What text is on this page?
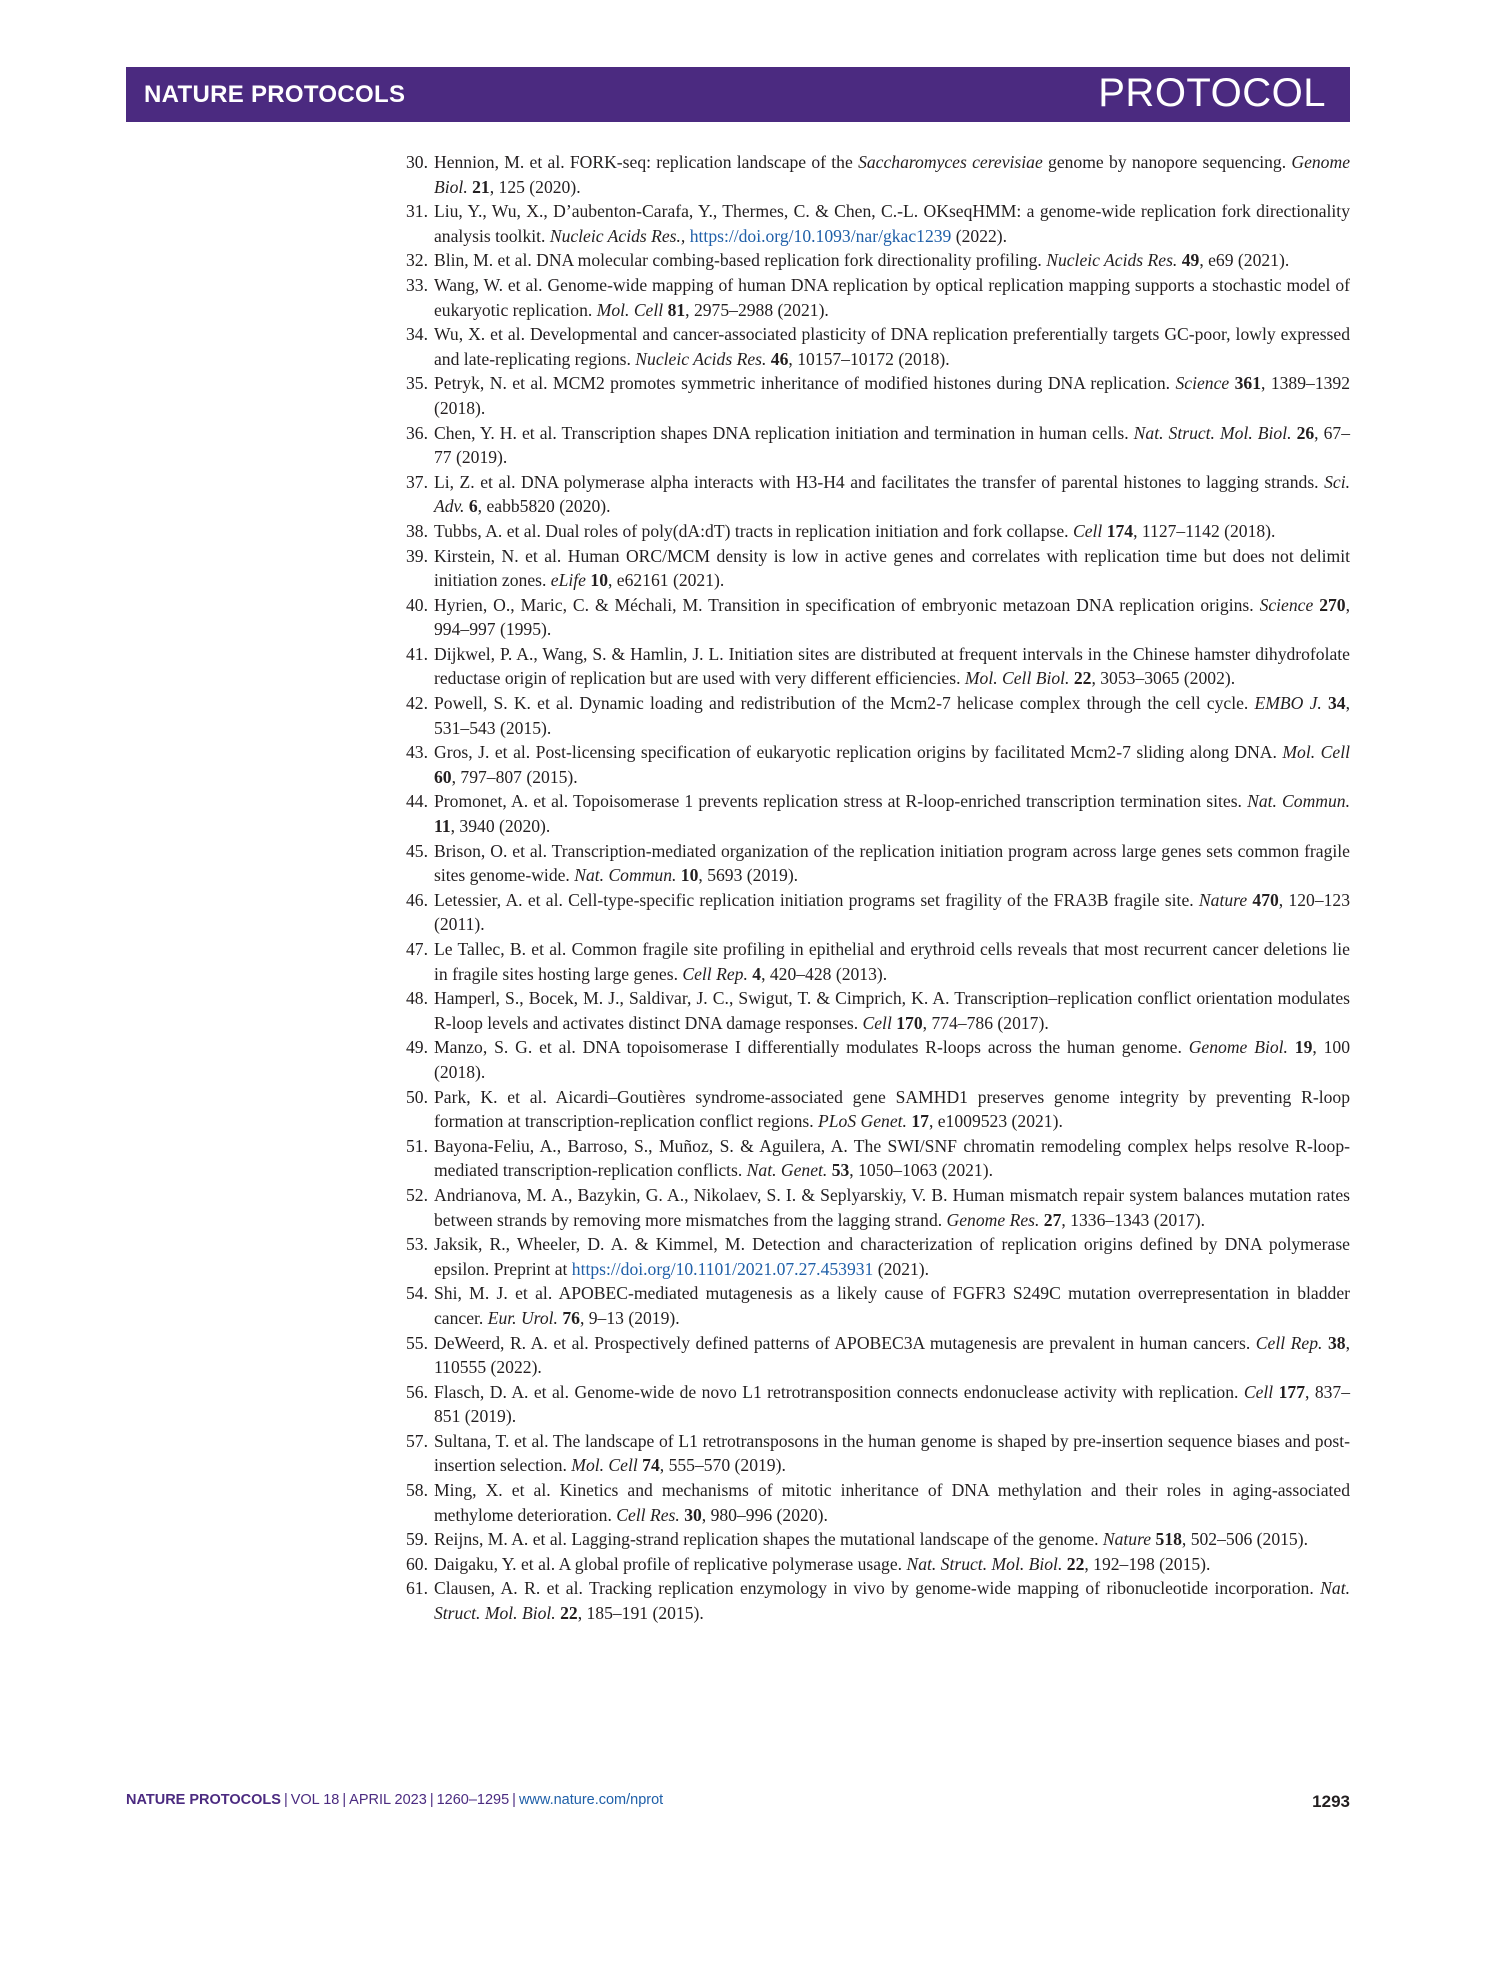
NATURE PROTOCOLS	PROTOCOL
30. Hennion, M. et al. FORK-seq: replication landscape of the Saccharomyces cerevisiae genome by nanopore sequencing. Genome Biol. 21, 125 (2020).
31. Liu, Y., Wu, X., D’aubenton-Carafa, Y., Thermes, C. & Chen, C.-L. OKseqHMM: a genome-wide replication fork directionality analysis toolkit. Nucleic Acids Res., https://doi.org/10.1093/nar/gkac1239 (2022).
32. Blin, M. et al. DNA molecular combing-based replication fork directionality profiling. Nucleic Acids Res. 49, e69 (2021).
33. Wang, W. et al. Genome-wide mapping of human DNA replication by optical replication mapping supports a stochastic model of eukaryotic replication. Mol. Cell 81, 2975–2988 (2021).
34. Wu, X. et al. Developmental and cancer-associated plasticity of DNA replication preferentially targets GC-poor, lowly expressed and late-replicating regions. Nucleic Acids Res. 46, 10157–10172 (2018).
35. Petryk, N. et al. MCM2 promotes symmetric inheritance of modified histones during DNA replication. Science 361, 1389–1392 (2018).
36. Chen, Y. H. et al. Transcription shapes DNA replication initiation and termination in human cells. Nat. Struct. Mol. Biol. 26, 67–77 (2019).
37. Li, Z. et al. DNA polymerase alpha interacts with H3-H4 and facilitates the transfer of parental histones to lagging strands. Sci. Adv. 6, eabb5820 (2020).
38. Tubbs, A. et al. Dual roles of poly(dA:dT) tracts in replication initiation and fork collapse. Cell 174, 1127–1142 (2018).
39. Kirstein, N. et al. Human ORC/MCM density is low in active genes and correlates with replication time but does not delimit initiation zones. eLife 10, e62161 (2021).
40. Hyrien, O., Maric, C. & Méchali, M. Transition in specification of embryonic metazoan DNA replication origins. Science 270, 994–997 (1995).
41. Dijkwel, P. A., Wang, S. & Hamlin, J. L. Initiation sites are distributed at frequent intervals in the Chinese hamster dihydrofolate reductase origin of replication but are used with very different efficiencies. Mol. Cell Biol. 22, 3053–3065 (2002).
42. Powell, S. K. et al. Dynamic loading and redistribution of the Mcm2-7 helicase complex through the cell cycle. EMBO J. 34, 531–543 (2015).
43. Gros, J. et al. Post-licensing specification of eukaryotic replication origins by facilitated Mcm2-7 sliding along DNA. Mol. Cell 60, 797–807 (2015).
44. Promonet, A. et al. Topoisomerase 1 prevents replication stress at R-loop-enriched transcription termination sites. Nat. Commun. 11, 3940 (2020).
45. Brison, O. et al. Transcription-mediated organization of the replication initiation program across large genes sets common fragile sites genome-wide. Nat. Commun. 10, 5693 (2019).
46. Letessier, A. et al. Cell-type-specific replication initiation programs set fragility of the FRA3B fragile site. Nature 470, 120–123 (2011).
47. Le Tallec, B. et al. Common fragile site profiling in epithelial and erythroid cells reveals that most recurrent cancer deletions lie in fragile sites hosting large genes. Cell Rep. 4, 420–428 (2013).
48. Hamperl, S., Bocek, M. J., Saldivar, J. C., Swigut, T. & Cimprich, K. A. Transcription–replication conflict orientation modulates R-loop levels and activates distinct DNA damage responses. Cell 170, 774–786 (2017).
49. Manzo, S. G. et al. DNA topoisomerase I differentially modulates R-loops across the human genome. Genome Biol. 19, 100 (2018).
50. Park, K. et al. Aicardi–Goutières syndrome-associated gene SAMHD1 preserves genome integrity by preventing R-loop formation at transcription-replication conflict regions. PLoS Genet. 17, e1009523 (2021).
51. Bayona-Feliu, A., Barroso, S., Muñoz, S. & Aguilera, A. The SWI/SNF chromatin remodeling complex helps resolve R-loop-mediated transcription-replication conflicts. Nat. Genet. 53, 1050–1063 (2021).
52. Andrianova, M. A., Bazykin, G. A., Nikolaev, S. I. & Seplyarskiy, V. B. Human mismatch repair system balances mutation rates between strands by removing more mismatches from the lagging strand. Genome Res. 27, 1336–1343 (2017).
53. Jaksik, R., Wheeler, D. A. & Kimmel, M. Detection and characterization of replication origins defined by DNA polymerase epsilon. Preprint at https://doi.org/10.1101/2021.07.27.453931 (2021).
54. Shi, M. J. et al. APOBEC-mediated mutagenesis as a likely cause of FGFR3 S249C mutation overrepresentation in bladder cancer. Eur. Urol. 76, 9–13 (2019).
55. DeWeerd, R. A. et al. Prospectively defined patterns of APOBEC3A mutagenesis are prevalent in human cancers. Cell Rep. 38, 110555 (2022).
56. Flasch, D. A. et al. Genome-wide de novo L1 retrotransposition connects endonuclease activity with replication. Cell 177, 837–851 (2019).
57. Sultana, T. et al. The landscape of L1 retrotransposons in the human genome is shaped by pre-insertion sequence biases and post-insertion selection. Mol. Cell 74, 555–570 (2019).
58. Ming, X. et al. Kinetics and mechanisms of mitotic inheritance of DNA methylation and their roles in aging-associated methylome deterioration. Cell Res. 30, 980–996 (2020).
59. Reijns, M. A. et al. Lagging-strand replication shapes the mutational landscape of the genome. Nature 518, 502–506 (2015).
60. Daigaku, Y. et al. A global profile of replicative polymerase usage. Nat. Struct. Mol. Biol. 22, 192–198 (2015).
61. Clausen, A. R. et al. Tracking replication enzymology in vivo by genome-wide mapping of ribonucleotide incorporation. Nat. Struct. Mol. Biol. 22, 185–191 (2015).
NATURE PROTOCOLS | VOL 18 | APRIL 2023 | 1260–1295 | www.nature.com/nprot	1293
